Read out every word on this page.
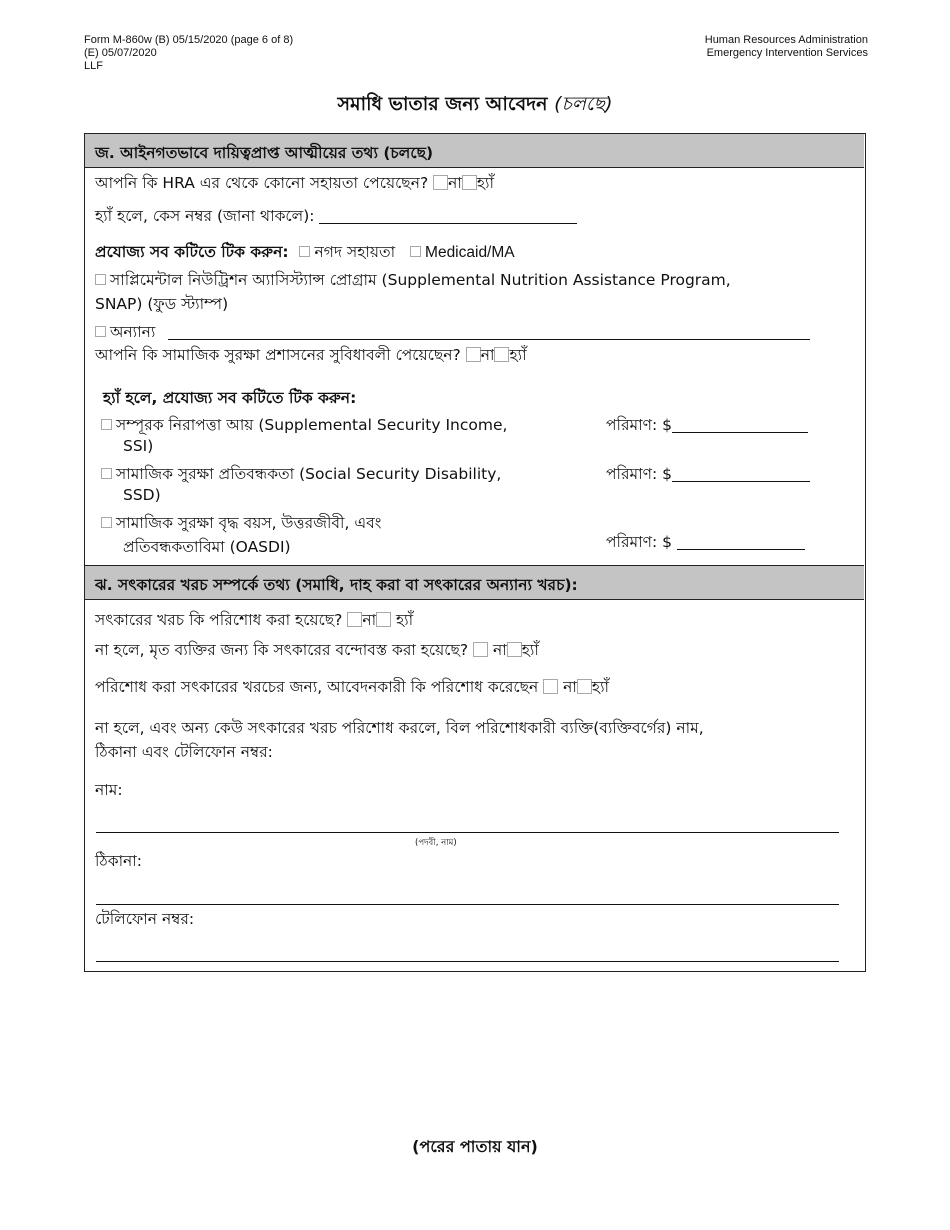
Form M-860w (B) 05/15/2020 (page 6 of 8)
(E) 05/07/2020
LLF
Human Resources Administration
Emergency Intervention Services
সমাধি ভাতার জন্য আবেদন (চলছে)
জ. আইনগতভাবে দায়িত্বপ্রাপ্ত আত্মীয়ের তথ্য (চলছে)
আপনি কি HRA এর থেকে কোনো সহায়তা পেয়েছেন? না হ্যাঁ
হ্যাঁ হলে, কেস নম্বর (জানা থাকলে):
প্রযোজ্য সব কটিতে টিক করুন: নগদ সহায়তা Medicaid/MA
সাপ্লিমেন্টাল নিউট্রিশন অ্যাসিস্ট্যান্স প্রোগ্রাম (Supplemental Nutrition Assistance Program,
SNAP) (ফুড স্ট্যাম্প)
অন্যান্য
আপনি কি সামাজিক সুরক্ষা প্রশাসনের সুবিধাবলী পেয়েছেন? না হ্যাঁ
হ্যাঁ হলে, প্রযোজ্য সব কটিতে টিক করুন:
সম্পূরক নিরাপত্তা আয় (Supplemental Security Income,
SSI)
পরিমাণ: $
সামাজিক সুরক্ষা প্রতিবন্ধকতা (Social Security Disability,
SSD)
পরিমাণ: $
সামাজিক সুরক্ষা বৃদ্ধ বয়স, উত্তরজীবী, এবং
প্রতিবন্ধকতাবিমা (OASDI)	পরিমাণ: $
ঝ. সৎকারের খরচ সম্পর্কে তথ্য (সমাধি, দাহ করা বা সৎকারের অন্যান্য খরচ):
সৎকারের খরচ কি পরিশোধ করা হয়েছে? না হ্যাঁ
না হলে, মৃত ব্যক্তির জন্য কি সৎকারের বন্দোবস্ত করা হয়েছে? না হ্যাঁ
পরিশোধ করা সৎকারের খরচের জন্য, আবেদনকারী কি পরিশোধ করেছেন না হ্যাঁ
না হলে, এবং অন্য কেউ সৎকারের খরচ পরিশোধ করলে, বিল পরিশোধকারী ব্যক্তি(ব্যক্তিবর্গের) নাম,
ঠিকানা এবং টেলিফোন নম্বর:
নাম:
(পদবী, নাম)
ঠিকানা:
টেলিফোন নম্বর:
(পরের পাতায় যান)
